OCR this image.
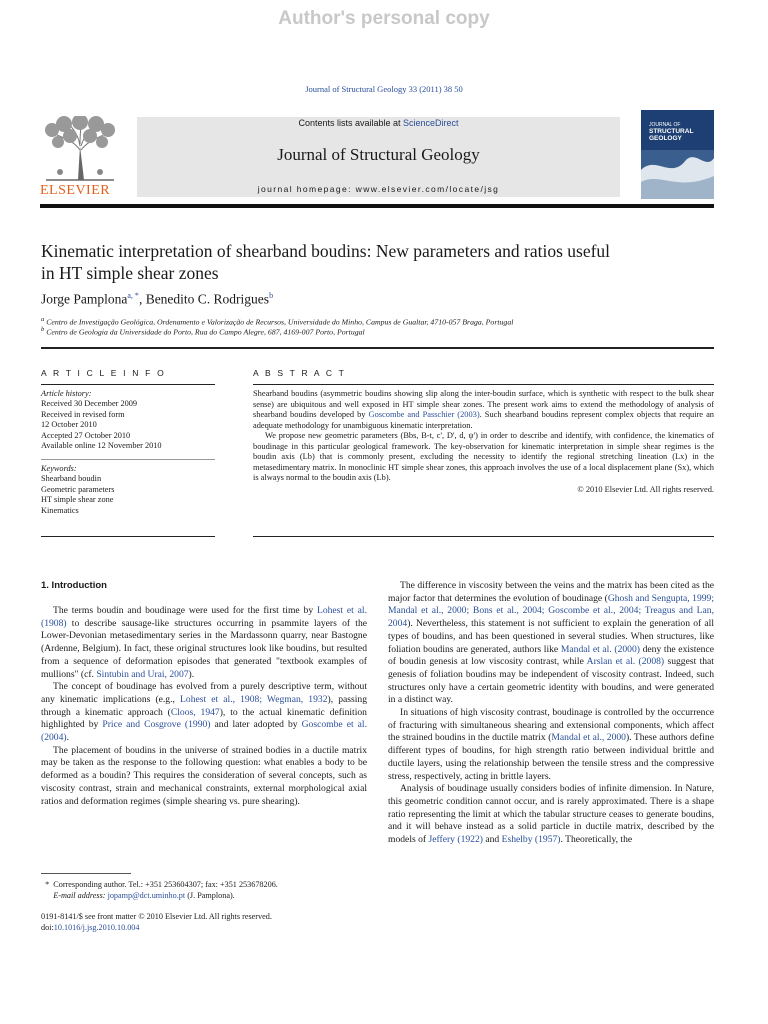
Author's personal copy
Journal of Structural Geology 33 (2011) 38 50
ELSEVIER
Contents lists available at ScienceDirect
Journal of Structural Geology
journal homepage: www.elsevier.com/locate/jsg
JOURNAL OF
STRUCTURAL
GEOLOGY
Kinematic interpretation of shearband boudins: New parameters and ratios useful
in HT simple shear zones
Jorge Pamplona$^{a, *}$, Benedito C. Rodrigues$^b$
$^a$ Centro de Investigação Geológica, Ordenamento e Valorização de Recursos, Universidade do Minho, Campus de Gualtar, 4710-057 Braga, Portugal
$^b$ Centro de Geologia da Universidade do Porto, Rua do Campo Alegre, 687, 4169-007 Porto, Portugal
A R T I C L E I N F O	A B S T R A C T
Article history:
Received 30 December 2009
Received in revised form
12 October 2010
Accepted 27 October 2010
Available online 12 November 2010
Keywords:
Shearband boudin
Geometric parameters
HT simple shear zone
Kinematics

Shearband boudins (asymmetric boudins showing slip along the inter-boudin surface, which is synthetic with respect to the bulk shear sense) are ubiquitous and well exposed in HT simple shear zones. The present work aims to extend the methodology of analysis of shearband boudins developed by Goscombe and Passchier (2003). Such shearband boudins represent complex objects that require an adequate methodology for unambiguous kinematic interpretation.

We propose new geometric parameters (Bbs, B-t, c', D', d, ψ') in order to describe and identify, with confidence, the kinematics of boudinage in this particular geological framework. The key-observation for kinematic interpretation in simple shear regimes is the boudin axis (Lb) that is commonly present, excluding the necessity to identify the regional stretching lineation (Lx) in the metasedimentary matrix. In monoclinic HT simple shear zones, this approach involves the use of a local displacement plane (Sx), which is always normal to the boudin axis (Lb).

© 2010 Elsevier Ltd. All rights reserved.

1. Introduction

The terms boudin and boudinage were used for the first time by Lohest et al. (1908) to describe sausage-like structures occurring in psammite layers of the Lower-Devonian metasedimentary series in the Mardassonn quarry, near Bastogne (Ardenne, Belgium). In fact, these original structures look like boudins, but resulted from a sequence of deformation episodes that generated "textbook examples of mullions" (cf. Sintubin and Urai, 2007).

The concept of boudinage has evolved from a purely descriptive term, without any kinematic implications (e.g., Lohest et al., 1908; Wegman, 1932), passing through a kinematic approach (Cloos, 1947), to the actual kinematic definition highlighted by Price and Cosgrove (1990) and later adopted by Goscombe et al. (2004).

The placement of boudins in the universe of strained bodies in a ductile matrix may be taken as the response to the following question: what enables a body to be deformed as a boudin? This requires the consideration of several concepts, such as viscosity contrast, strain and mechanical constraints, external morphological axial ratios and deformation regimes (simple shearing vs. pure shearing).

The difference in viscosity between the veins and the matrix has been cited as the major factor that determines the evolution of boudinage (Ghosh and Sengupta, 1999; Mandal et al., 2000; Bons et al., 2004; Goscombe et al., 2004; Treagus and Lan, 2004). Nevertheless, this statement is not sufficient to explain the generation of all types of boudins, and has been questioned in several studies. When structures, like foliation boudins are generated, authors like Mandal et al. (2000) deny the existence of boudin genesis at low viscosity contrast, while Arslan et al. (2008) suggest that genesis of foliation boudins may be independent of viscosity contrast. Indeed, such structures only have a certain geometric identity with boudins, and were generated in a distinct way.

In situations of high viscosity contrast, boudinage is controlled by the occurrence of fracturing with simultaneous shearing and extensional components, which affect the strained boudins in the ductile matrix (Mandal et al., 2000). These authors define different types of boudins, for high strength ratio between individual brittle and ductile layers, using the relationship between the tensile stress and the compressive stress, respectively, acting in brittle layers.

Analysis of boudinage usually considers bodies of infinite dimension. In Nature, this geometric condition cannot occur, and is rarely approximated. There is a shape ratio representing the limit at which the tabular structure ceases to generate boudins, and it will behave instead as a solid particle in ductile matrix, described by the models of Jeffery (1922) and Eshelby (1957). Theoretically, the

* Corresponding author. Tel.: +351 253604307; fax: +351 253678206.
E-mail address: jopamp@dct.uminho.pt (J. Pamplona).
0191-8141/$ see front matter © 2010 Elsevier Ltd. All rights reserved.
doi:10.1016/j.jsg.2010.10.004
